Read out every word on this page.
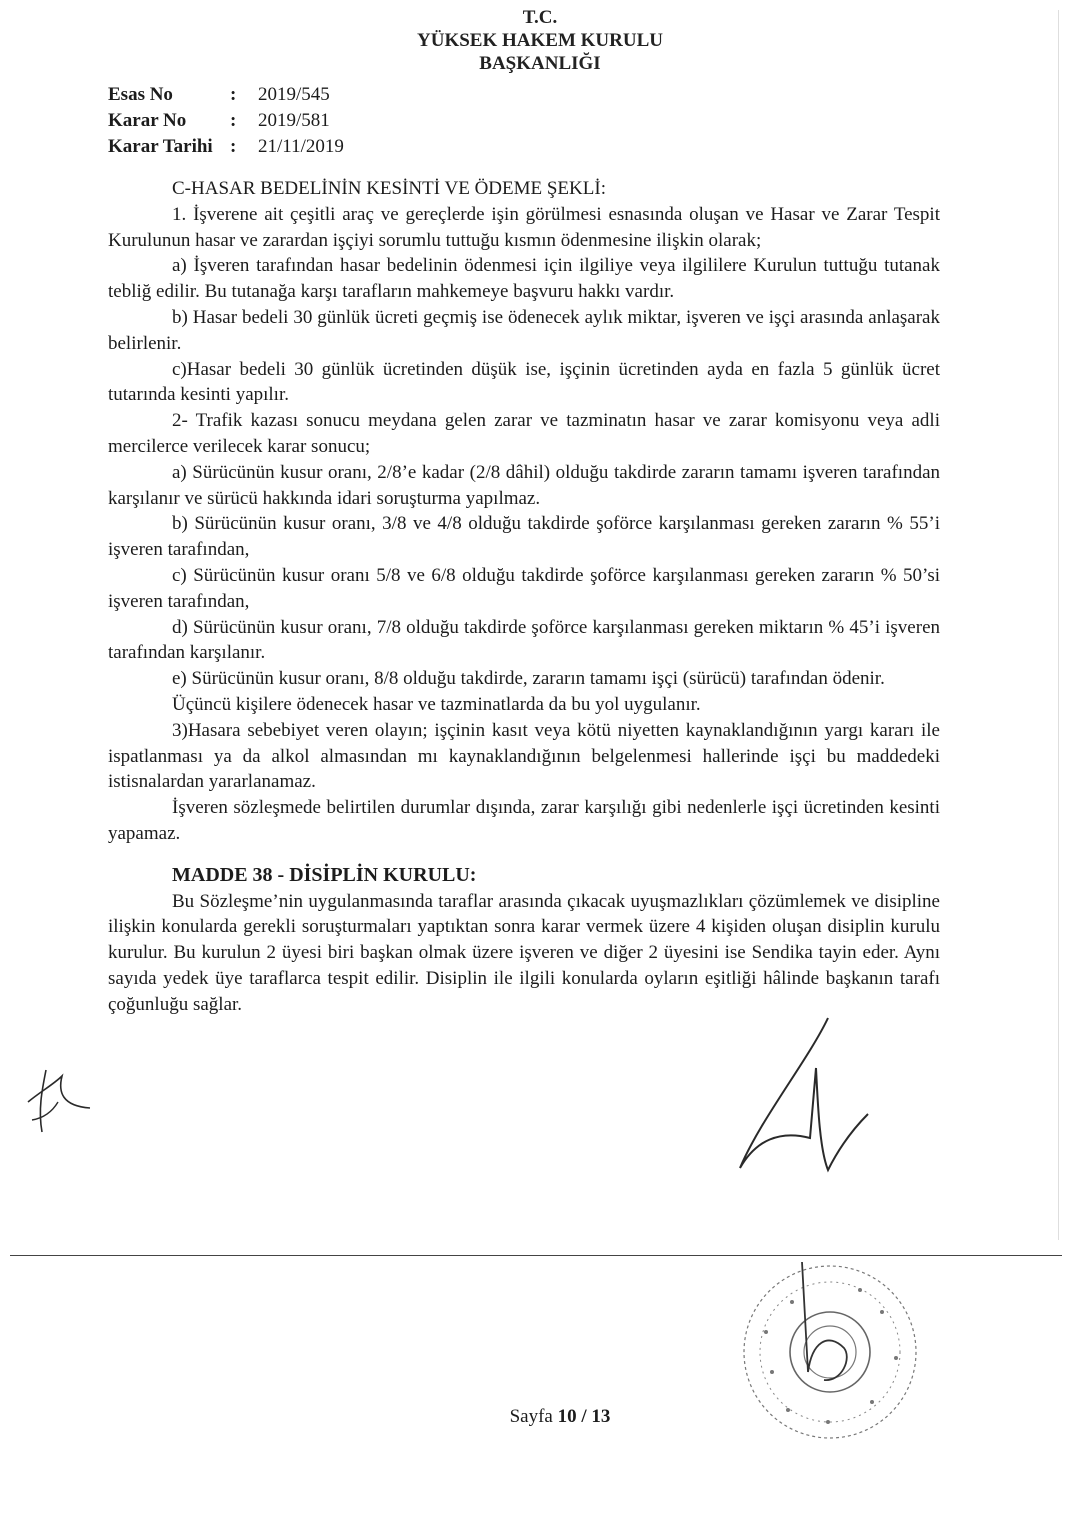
T.C.
YÜKSEK HAKEM KURULU
BAŞKANLIĞI
Esas No	:	2019/545
Karar No	:	2019/581
Karar Tarihi :	21/11/2019

C-HASAR BEDELİNİN KESİNTİ VE ÖDEME ŞEKLİ:

1. İşverene ait çeşitli araç ve gereçlerde işin görülmesi esnasında oluşan ve Hasar ve Zarar Tespit Kurulunun hasar ve zarardan işçiyi sorumlu tuttuğu kısmın ödenmesine ilişkin olarak;

a) İşveren tarafından hasar bedelinin ödenmesi için ilgiliye veya ilgililere Kurulun tuttuğu tutanak tebliğ edilir. Bu tutanağa karşı tarafların mahkemeye başvuru hakkı vardır.

b) Hasar bedeli 30 günlük ücreti geçmiş ise ödenecek aylık miktar, işveren ve işçi arasında anlaşarak belirlenir.

c)Hasar bedeli 30 günlük ücretinden düşük ise, işçinin ücretinden ayda en fazla 5 günlük ücret tutarında kesinti yapılır.

2- Trafik kazası sonucu meydana gelen zarar ve tazminatın hasar ve zarar komisyonu veya adli mercilerce verilecek karar sonucu;

a) Sürücünün kusur oranı, 2/8’e kadar (2/8 dâhil) olduğu takdirde zararın tamamı işveren tarafından karşılanır ve sürücü hakkında idari soruşturma yapılmaz.

b) Sürücünün kusur oranı, 3/8 ve 4/8 olduğu takdirde şoförce karşılanması gereken zararın % 55’i işveren tarafından,

c) Sürücünün kusur oranı 5/8 ve 6/8 olduğu takdirde şoförce karşılanması gereken zararın % 50’si işveren tarafından,

d) Sürücünün kusur oranı, 7/8 olduğu takdirde şoförce karşılanması gereken miktarın % 45’i işveren tarafından karşılanır.

e) Sürücünün kusur oranı, 8/8 olduğu takdirde, zararın tamamı işçi (sürücü) tarafından ödenir.

Üçüncü kişilere ödenecek hasar ve tazminatlarda da bu yol uygulanır.

3)Hasara sebebiyet veren olayın; işçinin kasıt veya kötü niyetten kaynaklandığının yargı kararı ile ispatlanması ya da alkol almasından mı kaynaklandığının belgelenmesi hallerinde işçi bu maddedeki istisnalardan yararlanamaz.

İşveren sözleşmede belirtilen durumlar dışında, zarar karşılığı gibi nedenlerle işçi ücretinden kesinti yapamaz.

MADDE 38 - DİSİPLİN KURULU:

Bu Sözleşme’nin uygulanmasında taraflar arasında çıkacak uyuşmazlıkları çözümlemek ve disipline ilişkin konularda gerekli soruşturmaları yaptıktan sonra karar vermek üzere 4 kişiden oluşan disiplin kurulu kurulur. Bu kurulun 2 üyesi biri başkan olmak üzere işveren ve diğer 2 üyesini ise Sendika tayin eder. Aynı sayıda yedek üye taraflarca tespit edilir. Disiplin ile ilgili konularda oyların eşitliği hâlinde başkanın tarafı çoğunluğu sağlar.

Sayfa 10 / 13
